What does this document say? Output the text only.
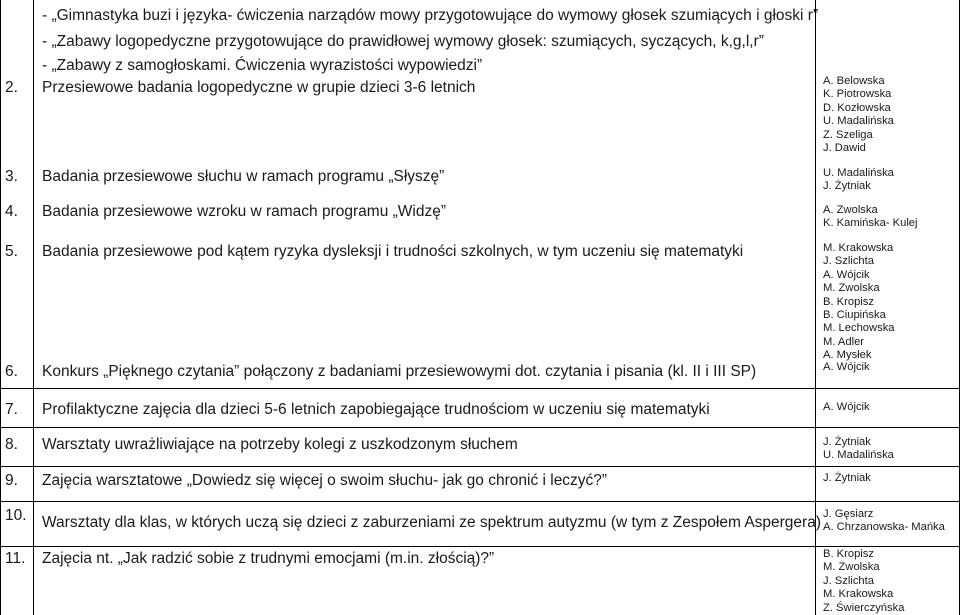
- „Gimnastyka buzi i języka- ćwiczenia narządów mowy przygotowujące do wymowy głosek szumiących i głoski r”
- „Zabawy logopedyczne przygotowujące do prawidłowej wymowy głosek: szumiących, syczących, k,g,l,r”
- „Zabawy z samogłoskami. Ćwiczenia wyrazistości wypowiedzi”
2. Przesiewowe badania logopedyczne w grupie dzieci 3-6 letnich	A. Belowska
K. Piotrowska
D. Kozłowska
U. Madalińska
Z. Szeliga
J. Dawid
3. Badania przesiewowe słuchu w ramach programu „Słyszę”	U. Madalińska
J. Żytniak
4. Badania przesiewowe wzroku w ramach programu „Widzę”	A. Zwolska
K. Kamińska- Kulej
5. Badania przesiewowe pod kątem ryzyka dysleksji i trudności szkolnych, w tym uczeniu się matematyki	M. Krakowska
J. Szlichta
A. Wójcik
M. Zwolska
B. Kropisz
B. Ciupińska
M. Lechowska
M. Adler
A. Mysłek
6. Konkurs „Pięknego czytania” połączony z badaniami przesiewowymi dot. czytania i pisania (kl. II i III SP)	A. Wójcik
7. Profilaktyczne zajęcia dla dzieci 5-6 letnich zapobiegające trudnościom w uczeniu się matematyki	A. Wójcik
8. Warsztaty uwrażliwiające na potrzeby kolegi z uszkodzonym słuchem	J. Żytniak
U. Madalińska
9. Zajęcia warsztatowe „Dowiedz się więcej o swoim słuchu- jak go chronić i leczyć?”	J. Żytniak
10. Warsztaty dla klas, w których uczą się dzieci z zaburzeniami ze spektrum autyzmu (w tym z Zespołem Aspergera) J. Gęsiarz
A. Chrzanowska- Mańka
11. Zajęcia nt. „Jak radzić sobie z trudnymi emocjami (m.in. złością)?”	B. Kropisz
M. Zwolska
J. Szlichta
M. Krakowska
Z. Świerczyńska
